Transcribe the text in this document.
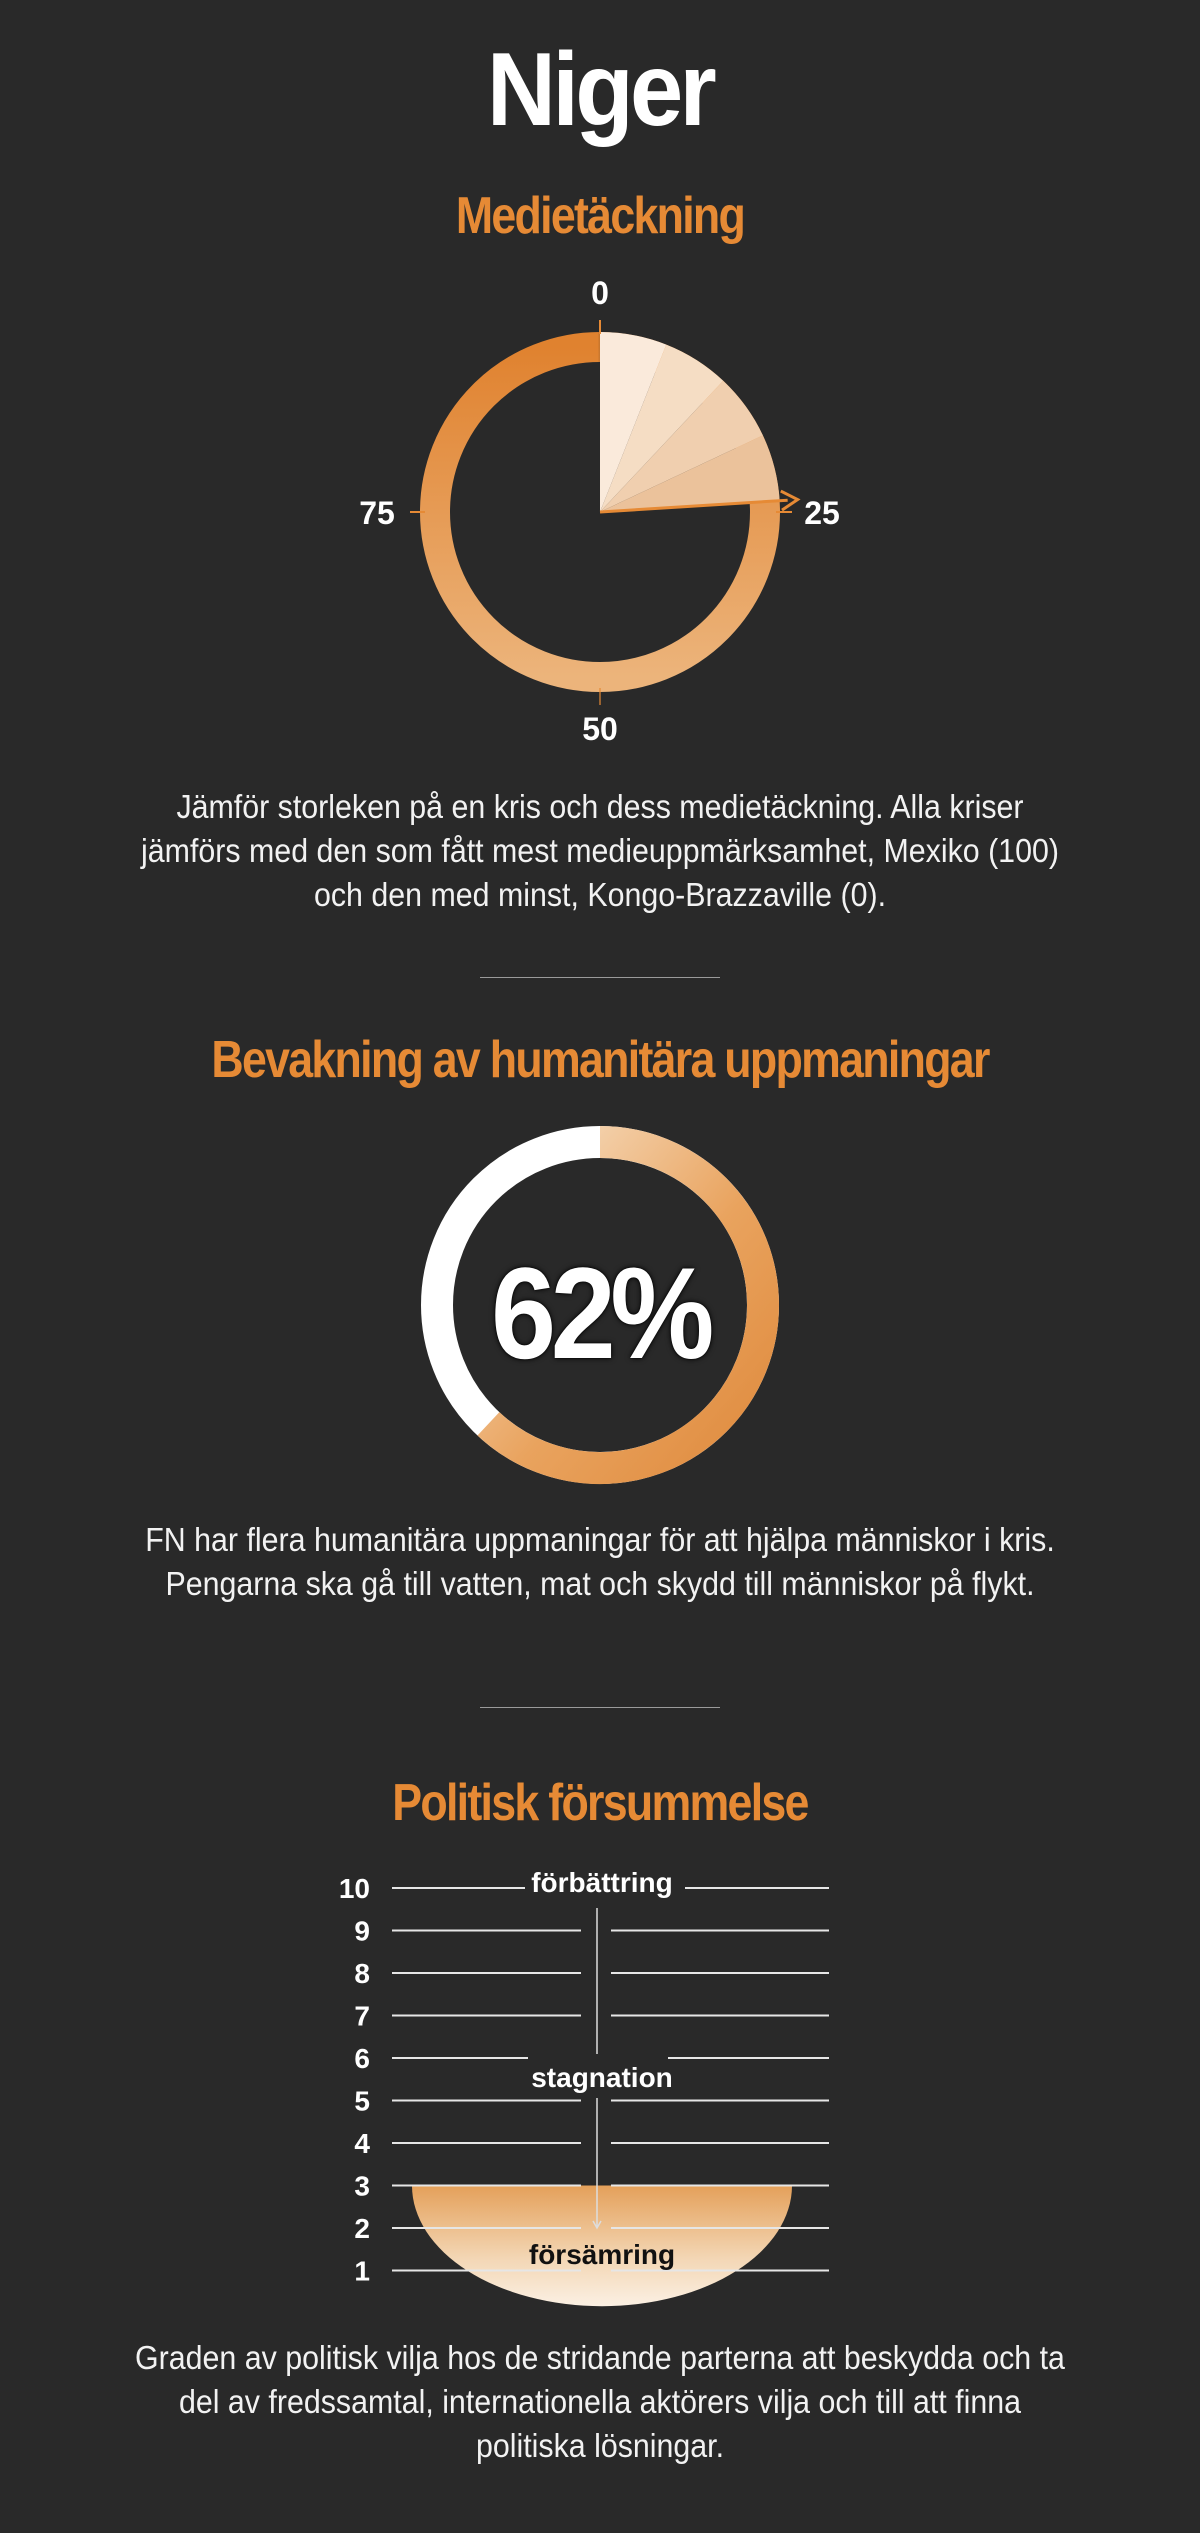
Niger
Medietäckning
0
25
50
75
Jämför storleken på en kris och dess medietäckning. Alla kriser jämförs med den som fått mest medieuppmärksamhet, Mexiko (100) och den med minst, Kongo-Brazzaville (0).
Bevakning av humanitära uppmaningar
62%
FN har flera humanitära uppmaningar för att hjälpa människor i kris. Pengarna ska gå till vatten, mat och skydd till människor på flykt.
Politisk försummelse
10
9
8
7
6
5
4
3
2
1
förbättring
stagnation
försämring
Graden av politisk vilja hos de stridande parterna att beskydda och ta del av fredssamtal, internationella aktörers vilja och till att finna politiska lösningar.
